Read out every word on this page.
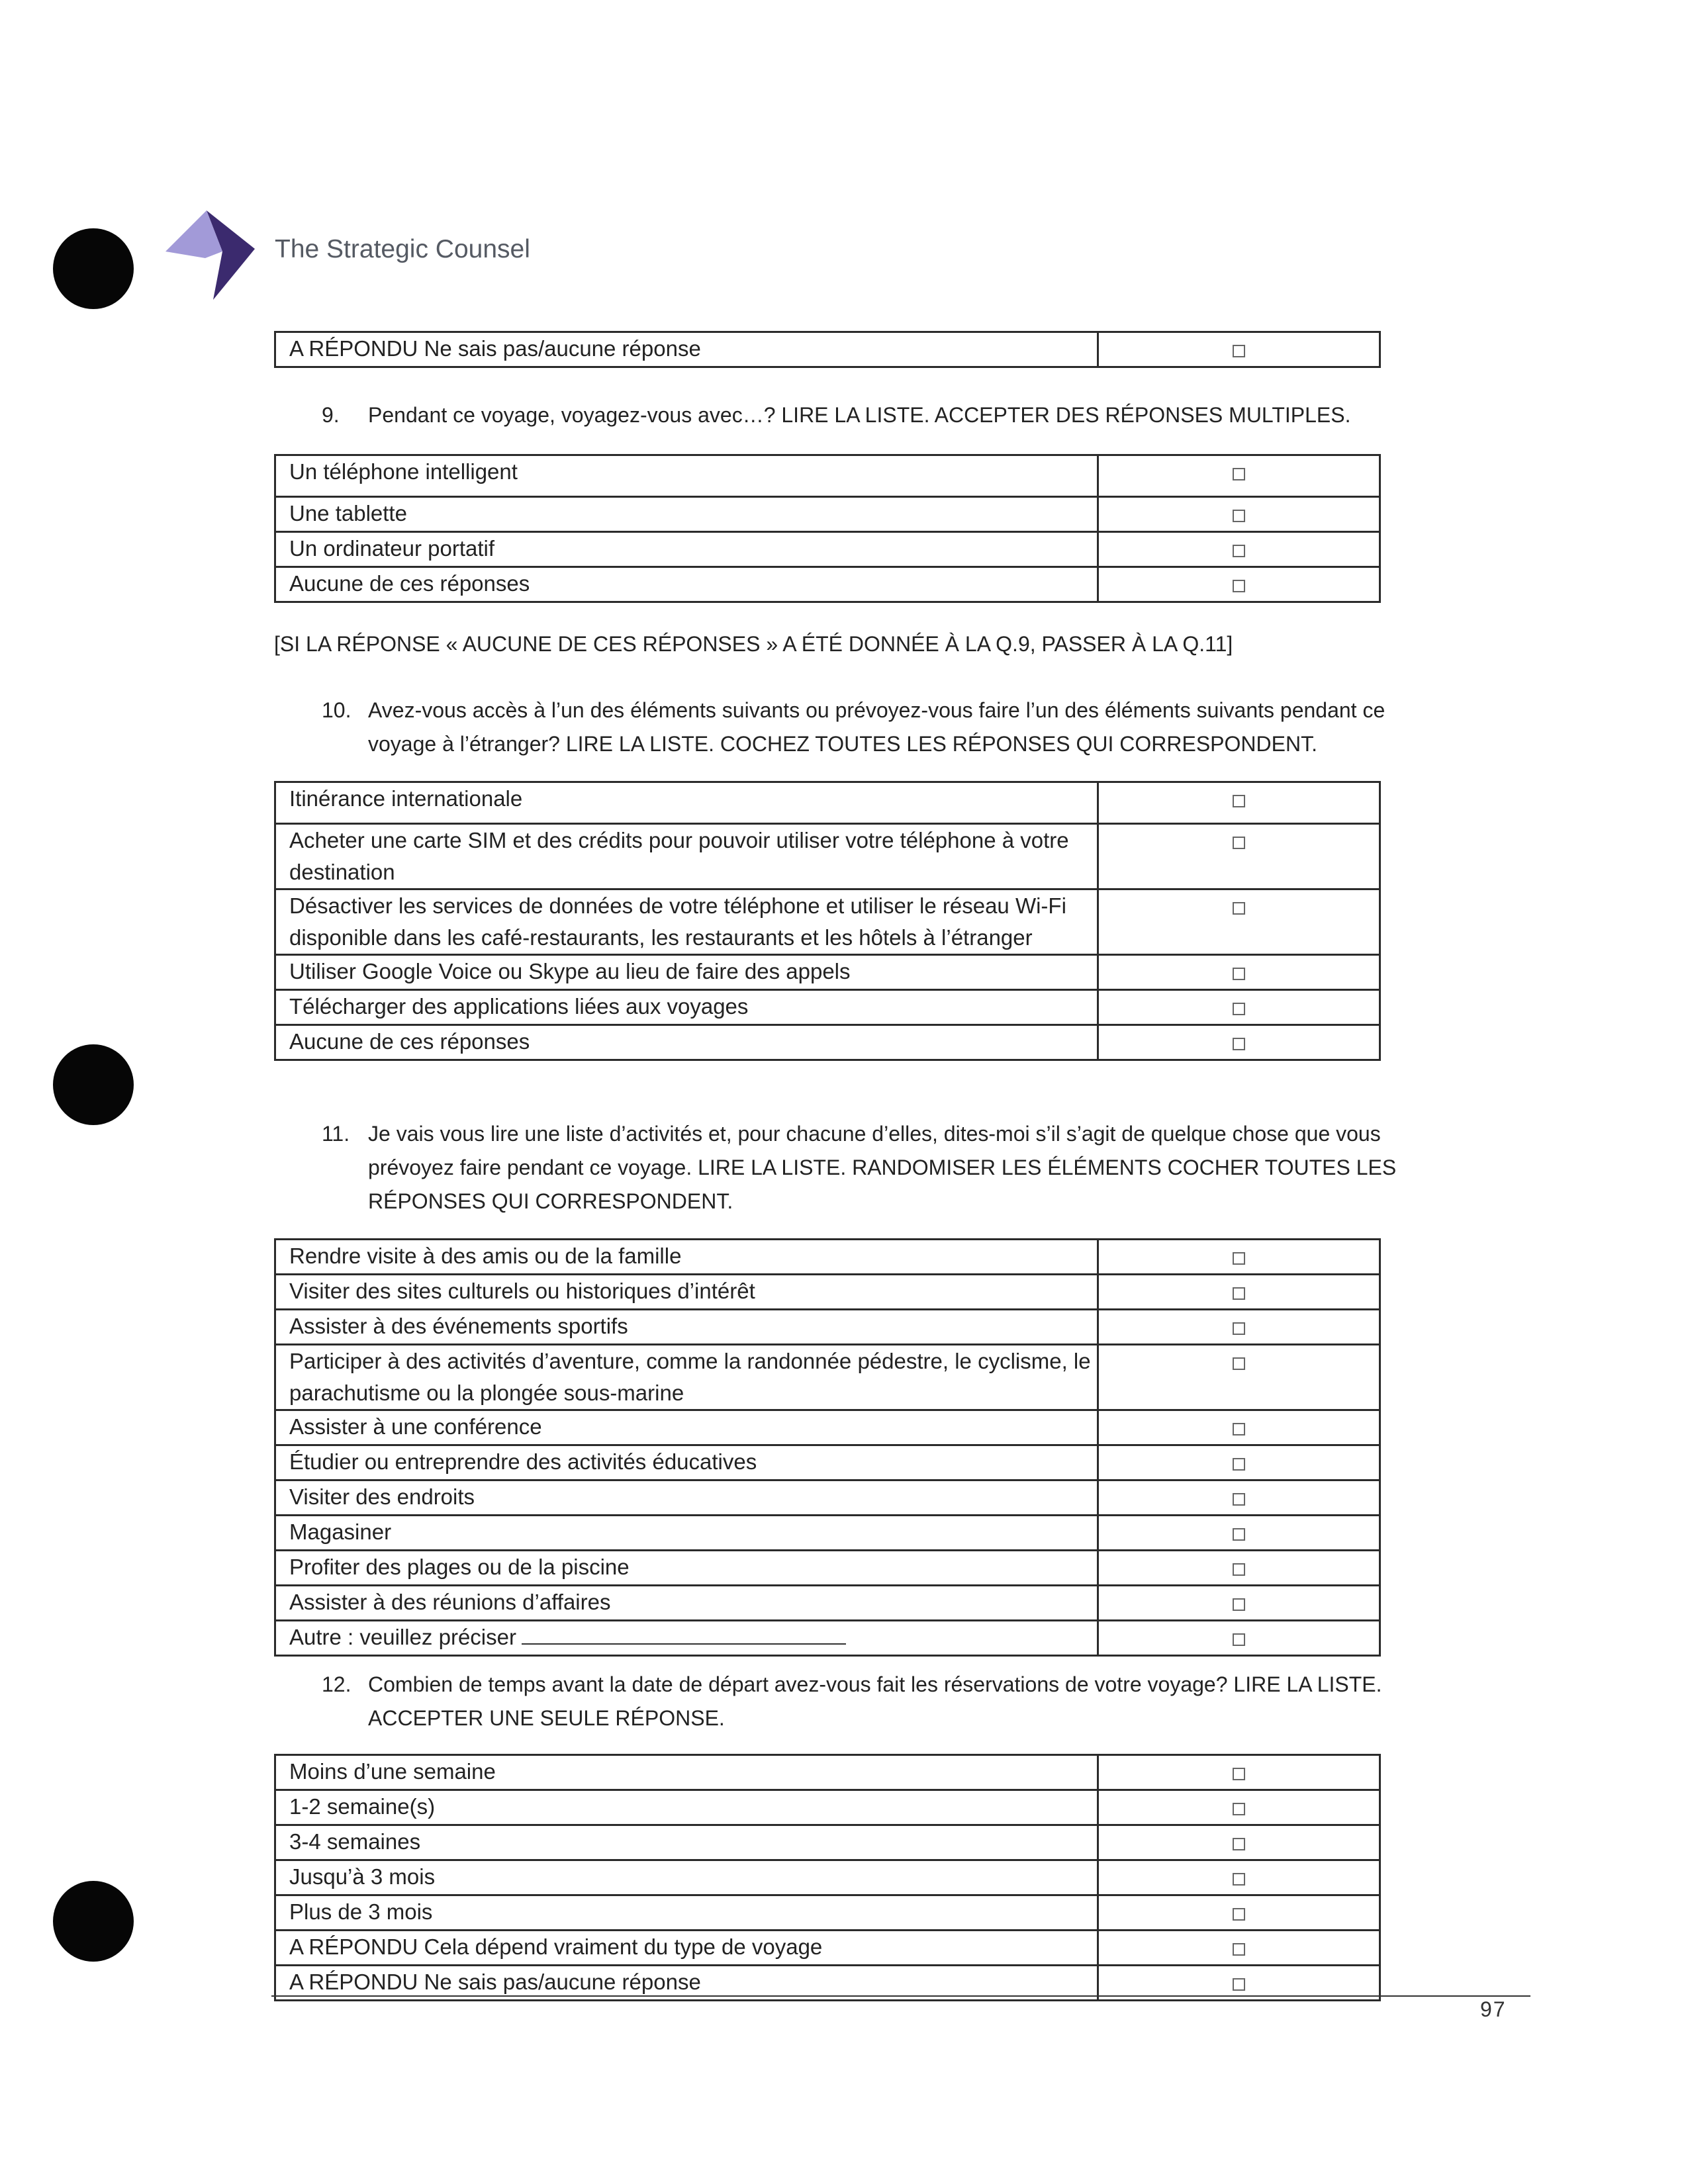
The Strategic Counsel
A RÉPONDU Ne sais pas/aucune réponse	
9. Pendant ce voyage, voyagez-vous avec…? LIRE LA LISTE. ACCEPTER DES RÉPONSES MULTIPLES.
Un téléphone intelligent	
Une tablette	
Un ordinateur portatif	
Aucune de ces réponses	
[SI LA RÉPONSE « AUCUNE DE CES RÉPONSES » A ÉTÉ DONNÉE À LA Q.9, PASSER À LA Q.11]
10. Avez-vous accès à l’un des éléments suivants ou prévoyez-vous faire l’un des éléments suivants pendant ce
voyage à l’étranger? LIRE LA LISTE. COCHEZ TOUTES LES RÉPONSES QUI CORRESPONDENT.
Itinérance internationale	
Acheter une carte SIM et des crédits pour pouvoir utiliser votre téléphone à votre destination	
Désactiver les services de données de votre téléphone et utiliser le réseau Wi-Fi disponible dans les café-restaurants, les restaurants et les hôtels à l’étranger	
Utiliser Google Voice ou Skype au lieu de faire des appels	
Télécharger des applications liées aux voyages	
Aucune de ces réponses	
11. Je vais vous lire une liste d’activités et, pour chacune d’elles, dites-moi s’il s’agit de quelque chose que vous
prévoyez faire pendant ce voyage. LIRE LA LISTE. RANDOMISER LES ÉLÉMENTS COCHER TOUTES LES
RÉPONSES QUI CORRESPONDENT.
Rendre visite à des amis ou de la famille	
Visiter des sites culturels ou historiques d’intérêt	
Assister à des événements sportifs	
Participer à des activités d’aventure, comme la randonnée pédestre, le cyclisme, le parachutisme ou la plongée sous-marine	
Assister à une conférence	
Étudier ou entreprendre des activités éducatives	
Visiter des endroits	
Magasiner	
Profiter des plages ou de la piscine	
Assister à des réunions d’affaires	
Autre : veuillez préciser	
12. Combien de temps avant la date de départ avez-vous fait les réservations de votre voyage? LIRE LA LISTE.
ACCEPTER UNE SEULE RÉPONSE.
Moins d’une semaine	
1-2 semaine(s)	
3-4 semaines	
Jusqu’à 3 mois	
Plus de 3 mois	
A RÉPONDU Cela dépend vraiment du type de voyage	
A RÉPONDU Ne sais pas/aucune réponse	
97
